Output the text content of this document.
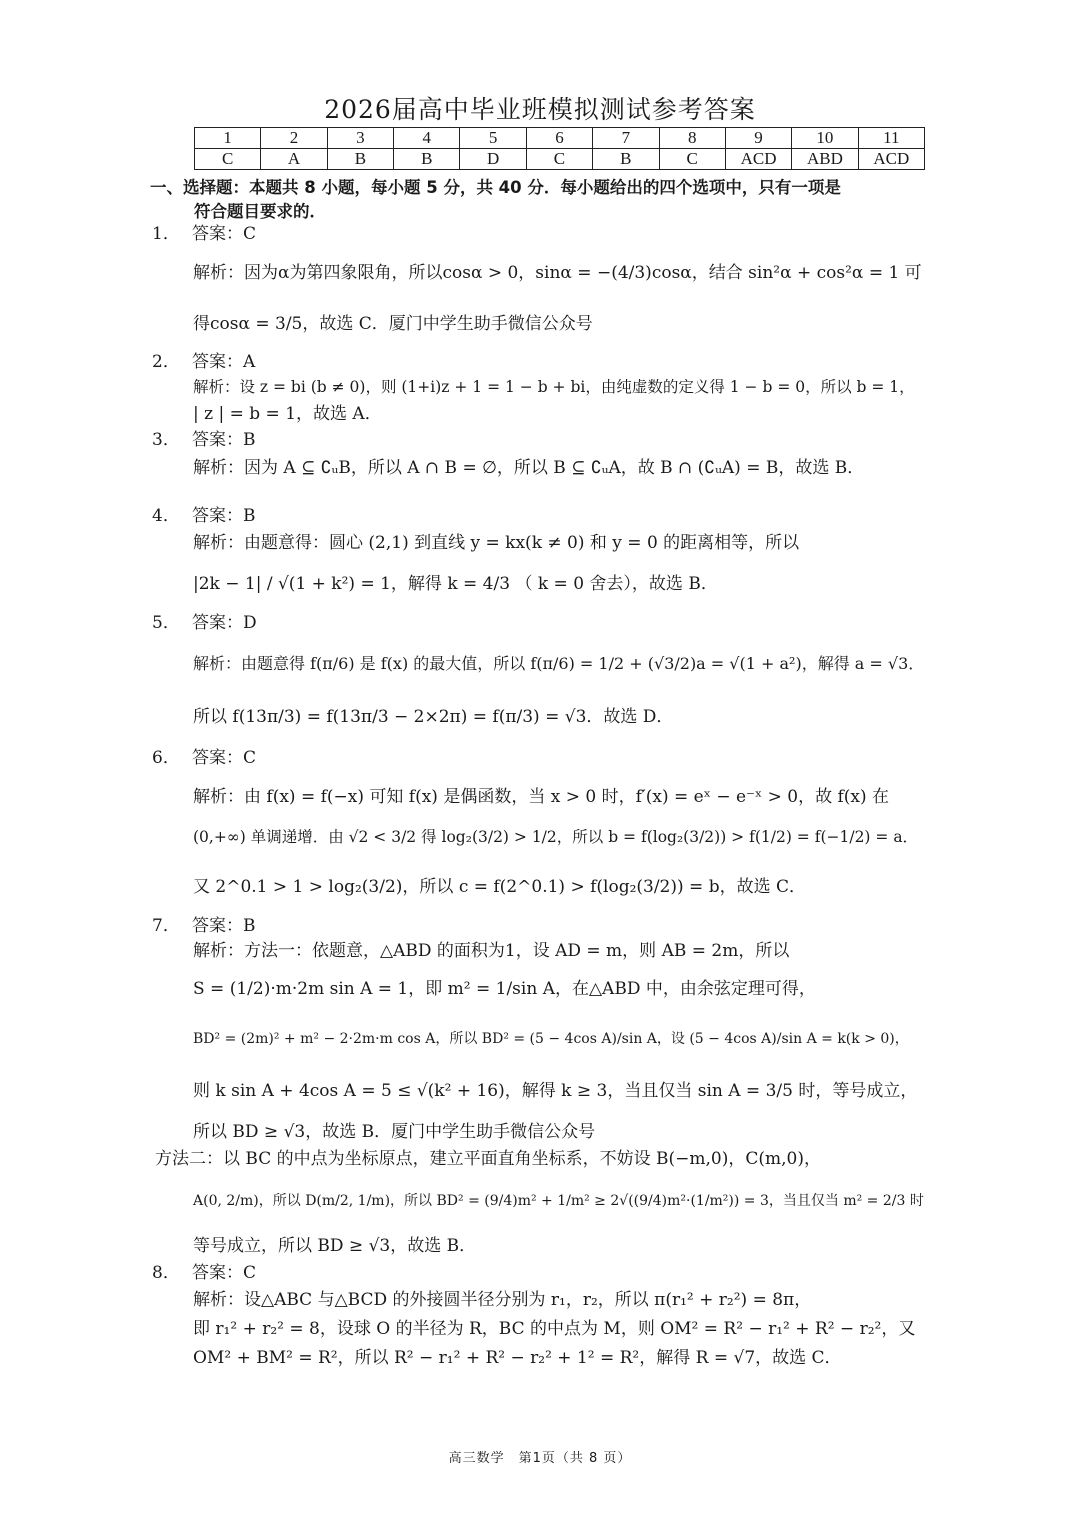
2026届高中毕业班模拟测试参考答案
1	2	3	4	5	6	7	8	9	10	11
C	A	B	B	D	C	B	C	ACD	ABD	ACD
一、选择题：本题共 8 小题，每小题 5 分，共 40 分．每小题给出的四个选项中，只有一项是
符合题目要求的．
1． 答案：C
解析：因为α为第四象限角，所以cosα > 0，sinα = −(4/3)cosα，结合 sin²α + cos²α = 1 可
得cosα = 3/5，故选 C．厦门中学生助手微信公众号
2． 答案：A
解析：设 z = bi (b ≠ 0)，则 (1+i)z + 1 = 1 − b + bi，由纯虚数的定义得 1 − b = 0，所以 b = 1，
| z | = b = 1，故选 A．
3． 答案：B
解析：因为 A ⊆ ∁ᵤB，所以 A ∩ B = ∅，所以 B ⊆ ∁ᵤA，故 B ∩ (∁ᵤA) = B，故选 B．
4． 答案：B
解析：由题意得：圆心 (2,1) 到直线 y = kx(k ≠ 0) 和 y = 0 的距离相等，所以
|2k − 1| / √(1 + k²) = 1，解得 k = 4/3 （ k = 0 舍去），故选 B．
5． 答案：D
解析：由题意得 f(π/6) 是 f(x) 的最大值，所以 f(π/6) = 1/2 + (√3/2)a = √(1 + a²)，解得 a = √3．
所以 f(13π/3) = f(13π/3 − 2×2π) = f(π/3) = √3．故选 D．
6． 答案：C
解析：由 f(x) = f(−x) 可知 f(x) 是偶函数，当 x > 0 时，f′(x) = eˣ − e⁻ˣ > 0，故 f(x) 在
(0,+∞) 单调递增．由 √2 < 3/2 得 log₂(3/2) > 1/2，所以 b = f(log₂(3/2)) > f(1/2) = f(−1/2) = a．
又 2^0.1 > 1 > log₂(3/2)，所以 c = f(2^0.1) > f(log₂(3/2)) = b，故选 C．
7． 答案：B
解析：方法一：依题意，△ABD 的面积为1，设 AD = m，则 AB = 2m，所以
S = (1/2)·m·2m sin A = 1，即 m² = 1/sin A，在△ABD 中，由余弦定理可得，
BD² = (2m)² + m² − 2·2m·m cos A，所以 BD² = (5 − 4cos A)/sin A，设 (5 − 4cos A)/sin A = k(k > 0)，
则 k sin A + 4cos A = 5 ≤ √(k² + 16)，解得 k ≥ 3，当且仅当 sin A = 3/5 时，等号成立，
所以 BD ≥ √3，故选 B．厦门中学生助手微信公众号
方法二：以 BC 的中点为坐标原点，建立平面直角坐标系，不妨设 B(−m,0)，C(m,0)，
A(0, 2/m)，所以 D(m/2, 1/m)，所以 BD² = (9/4)m² + 1/m² ≥ 2√((9/4)m²·(1/m²)) = 3，当且仅当 m² = 2/3 时
等号成立，所以 BD ≥ √3，故选 B．
8． 答案：C
解析：设△ABC 与△BCD 的外接圆半径分别为 r₁，r₂，所以 π(r₁² + r₂²) = 8π，
即 r₁² + r₂² = 8，设球 O 的半径为 R，BC 的中点为 M，则 OM² = R² − r₁² + R² − r₂²，又
OM² + BM² = R²，所以 R² − r₁² + R² − r₂² + 1² = R²，解得 R = √7，故选 C．
高三数学　第1页（共 8 页）
